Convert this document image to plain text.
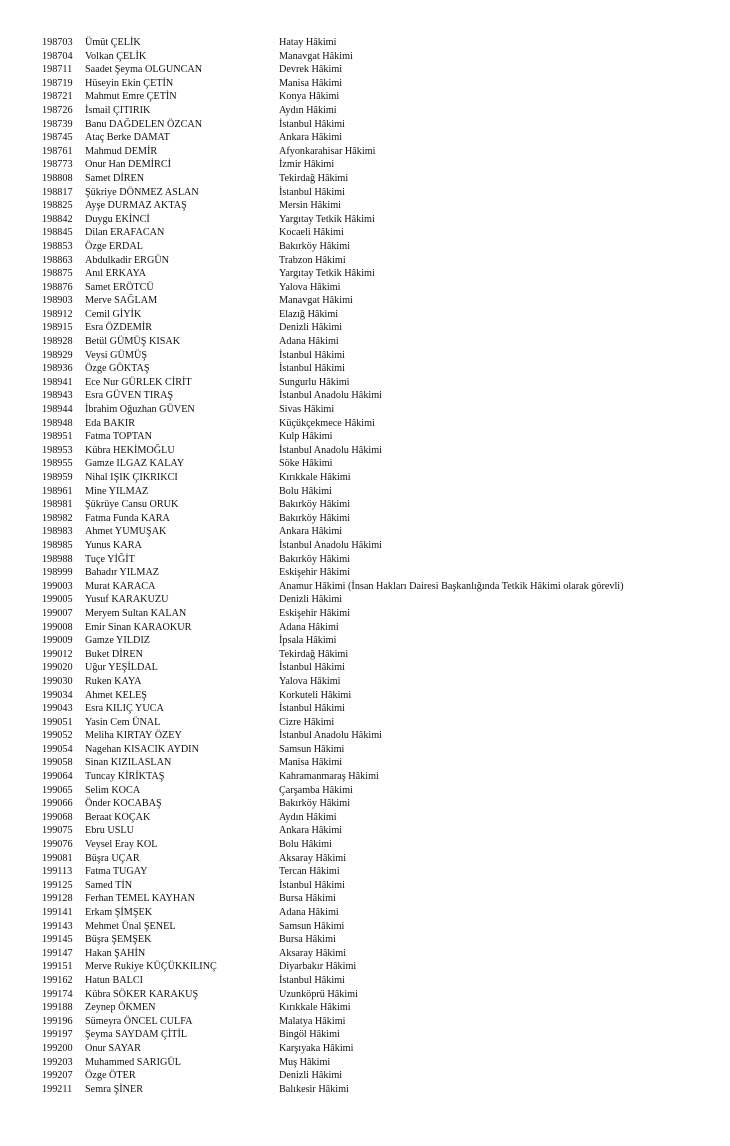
198703 Ümüt ÇELİK	Hatay Hâkimi
198704 Volkan ÇELİK	Manavgat Hâkimi
198711 Saadet Şeyma OLGUNCAN	Devrek Hâkimi
198719 Hüseyin Ekin ÇETİN	Manisa Hâkimi
198721 Mahmut Emre ÇETİN	Konya Hâkimi
198726 İsmail ÇITIRIK	Aydın Hâkimi
198739 Banu DAĞDELEN ÖZCAN	İstanbul Hâkimi
198745 Ataç Berke DAMAT	Ankara Hâkimi
198761 Mahmud DEMİR	Afyonkarahisar Hâkimi
198773 Onur Han DEMİRCİ	İzmir Hâkimi
198808 Samet DİREN	Tekirdağ Hâkimi
198817 Şükriye DÖNMEZ ASLAN	İstanbul Hâkimi
198825 Ayşe DURMAZ AKTAŞ	Mersin Hâkimi
198842 Duygu EKİNCİ	Yargıtay Tetkik Hâkimi
198845 Dilan ERAFACAN	Kocaeli Hâkimi
198853 Özge ERDAL	Bakırköy Hâkimi
198863 Abdulkadir ERGÜN	Trabzon Hâkimi
198875 Anıl ERKAYA	Yargıtay Tetkik Hâkimi
198876 Samet ERÖTCÜ	Yalova Hâkimi
198903 Merve SAĞLAM	Manavgat Hâkimi
198912 Cemil GİYİK	Elazığ Hâkimi
198915 Esra ÖZDEMİR	Denizli Hâkimi
198928 Betül GÜMÜŞ KISAK	Adana Hâkimi
198929 Veysi GÜMÜŞ	İstanbul Hâkimi
198936 Özge GÖKTAŞ	İstanbul Hâkimi
198941 Ece Nur GÜRLEK CİRİT	Sungurlu Hâkimi
198943 Esra GÜVEN TIRAŞ	İstanbul Anadolu Hâkimi
198944 İbrahim Oğuzhan GÜVEN	Sivas Hâkimi
198948 Eda BAKIR	Küçükçekmece Hâkimi
198951 Fatma TOPTAN	Kulp Hâkimi
198953 Kübra HEKİMOĞLU	İstanbul Anadolu Hâkimi
198955 Gamze ILGAZ KALAY	Söke Hâkimi
198959 Nihal IŞIK ÇIKRIKCI	Kırıkkale Hâkimi
198961 Mine YILMAZ	Bolu Hâkimi
198981 Şükrüye Cansu ORUK	Bakırköy Hâkimi
198982 Fatma Funda KARA	Bakırköy Hâkimi
198983 Ahmet YUMUŞAK	Ankara Hâkimi
198985 Yunus KARA	İstanbul Anadolu Hâkimi
198988 Tuçe YİĞİT	Bakırköy Hâkimi
198999 Bahadır YILMAZ	Eskişehir Hâkimi
199003 Murat KARACA	Anamur Hâkimi (İnsan Hakları Dairesi Başkanlığında Tetkik Hâkimi olarak görevli)
199005 Yusuf KARAKUZU	Denizli Hâkimi
199007 Meryem Sultan KALAN	Eskişehir Hâkimi
199008 Emir Sinan KARAOKUR	Adana Hâkimi
199009 Gamze YILDIZ	İpsala Hâkimi
199012 Buket DİREN	Tekirdağ Hâkimi
199020 Uğur YEŞİLDAL	İstanbul Hâkimi
199030 Ruken KAYA	Yalova Hâkimi
199034 Ahmet KELEŞ	Korkuteli Hâkimi
199043 Esra KILIÇ YUCA	İstanbul Hâkimi
199051 Yasin Cem ÜNAL	Cizre Hâkimi
199052 Meliha KIRTAY ÖZEY	İstanbul Anadolu Hâkimi
199054 Nagehan KISACIK AYDIN	Samsun Hâkimi
199058 Sinan KIZILASLAN	Manisa Hâkimi
199064 Tuncay KİRİKTAŞ	Kahramanmaraş Hâkimi
199065 Selim KOCA	Çarşamba Hâkimi
199066 Önder KOCABAŞ	Bakırköy Hâkimi
199068 Beraat KOÇAK	Aydın Hâkimi
199075 Ebru USLU	Ankara Hâkimi
199076 Veysel Eray KOL	Bolu Hâkimi
199081 Büşra UÇAR	Aksaray Hâkimi
199113 Fatma TUGAY	Tercan Hâkimi
199125 Samed TİN	İstanbul Hâkimi
199128 Ferhan TEMEL KAYHAN	Bursa Hâkimi
199141 Erkam ŞİMŞEK	Adana Hâkimi
199143 Mehmet Ünal ŞENEL	Samsun Hâkimi
199145 Büşra ŞEMŞEK	Bursa Hâkimi
199147 Hakan ŞAHİN	Aksaray Hâkimi
199151 Merve Rukiye KÜÇÜKKILINÇ	Diyarbakır Hâkimi
199162 Hatun BALCI	İstanbul Hâkimi
199174 Kübra SÖKER KARAKUŞ	Uzunköprü Hâkimi
199188 Zeynep ÖKMEN	Kırıkkale Hâkimi
199196 Sümeyra ÖNCEL CULFA	Malatya Hâkimi
199197 Şeyma SAYDAM ÇİTİL	Bingöl Hâkimi
199200 Onur SAYAR	Karşıyaka Hâkimi
199203 Muhammed SARIGÜL	Muş Hâkimi
199207 Özge ÖTER	Denizli Hâkimi
199211 Semra ŞİNER	Balıkesir Hâkimi
